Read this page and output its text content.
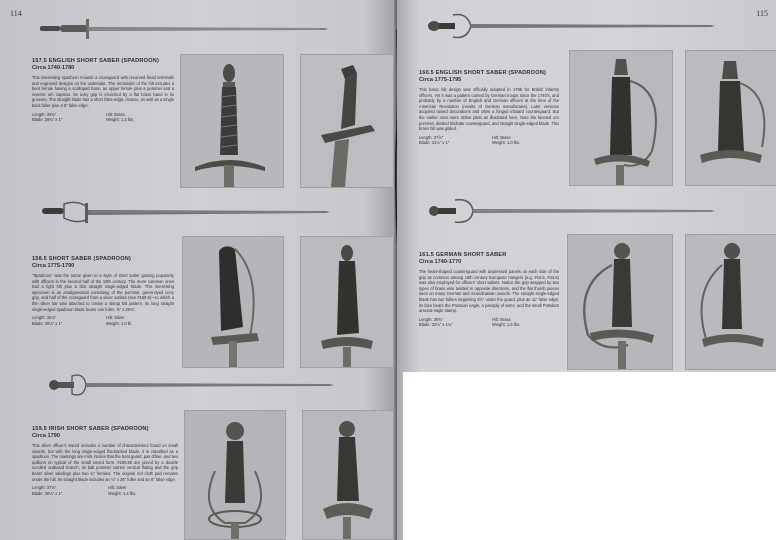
114
157.5 ENGLISH SHORT SABER (SPADROON)
Circa 1740-1780
This interesting spadroon mounts a crossguard with recurved head terminals and engraved designs on the underside. The remainder of the hilt includes a bent ferrule having a scalloped base, an upper ferrule plus a pommel and a reverse urn capstan. Its ivory grip is encircled by a flat brass band in its grooves. The straight blade has a short false edge, ricasso, as well as a single back fuller plus a 9" false edge.
Length: 35¾"	Hilt: Brass
Blade: 29¾" x 1"	Weight: 1.3 lbs.
158.5 SHORT SABER (SPADROON)
Circa 1775-1790
"Spadroon" was the name given to a style of short saber gaining popularity with officers in the second half of the 18th century. The more common ones had a light hilt plus a thin straight single-edged blade. This interesting specimen is an amalgamation consisting of the pommel, green-dyed ivory grip, and half of the crossguard from a silver cutlass (see #158.5)—to which a thin silver bar was attached to create a stirrup hilt pattern. Its long straight single-edged spadroon blade bears one fuller, ⅜" x 29¾".
Length: 36⅛"	Hilt: Silver
Blade: 30⅛" x 1"	Weight: 1.0 lb.
159.5 IRISH SHORT SABER (SPADROON)
Circa 1790
This silver officer's sword includes a number of characteristics found on small swords, but with the long single-edged flat-backed blade, it is classified as a spadroon. The markings are Irish. Notice that the boat guard, pas d'âne, and two quillons on typical of the small sword form. #200.85 are joined by a double scrolled outboard branch; its ball pommel carries vertical fluting and the grip bears silver windings plus two ¾" ferrules. The original red cloth pad remains under the hilt. Its straight blade includes an ⅛" x 26" fuller and an 8" false edge.
Length: 37⅛"	Hilt: Silver
Blade: 30⅛" x 1"	Weight: 1.4 lbs.
115
160.5 ENGLISH SHORT SABER (SPADROON)
Circa 1775-1795
This basic hilt design was officially adopted in 1796 for British infantry officers. Yet it was a pattern carried by German troops since the 1740's, and probably by a number of English and German officers at the time of the American Revolution (results of German manufacture). Later versions acquired raised decorations and often a hinged inboard counterguard. But the earlier ones were rather plain as illustrated here. Note the faceted urn pommel, divided bilobate counterguard, and straight single-edged blade. This brass hilt was gilded.
Length: 37⅞"	Hilt: Brass
Blade: 31⅛" x 1"	Weight: 1.0 lbs.
161.5 GERMAN SHORT SABER
Circa 1740-1770
The heart-shaped counterguard with depressed panels on each side of the grip as common among 18th century European hangers (e.g. #10.5, #43.5) was also employed for officers' short sabers. Notice the grip wrapped by two types of brass wire twisted in opposite directions, and the flat thumb pieces seen on many German and Scandinavian swords. The straight single-edged blade has two fullers beginning 3½" under the guard, plus an 11" false edge; its face bears the Prussian eagle, a panoply of arms, and the small Potsdam arsenal eagle stamp.
Length: 38¾"	Hilt: Brass
Blade: 32⅛" x 1¼"	Weight: 1.6 lbs.
